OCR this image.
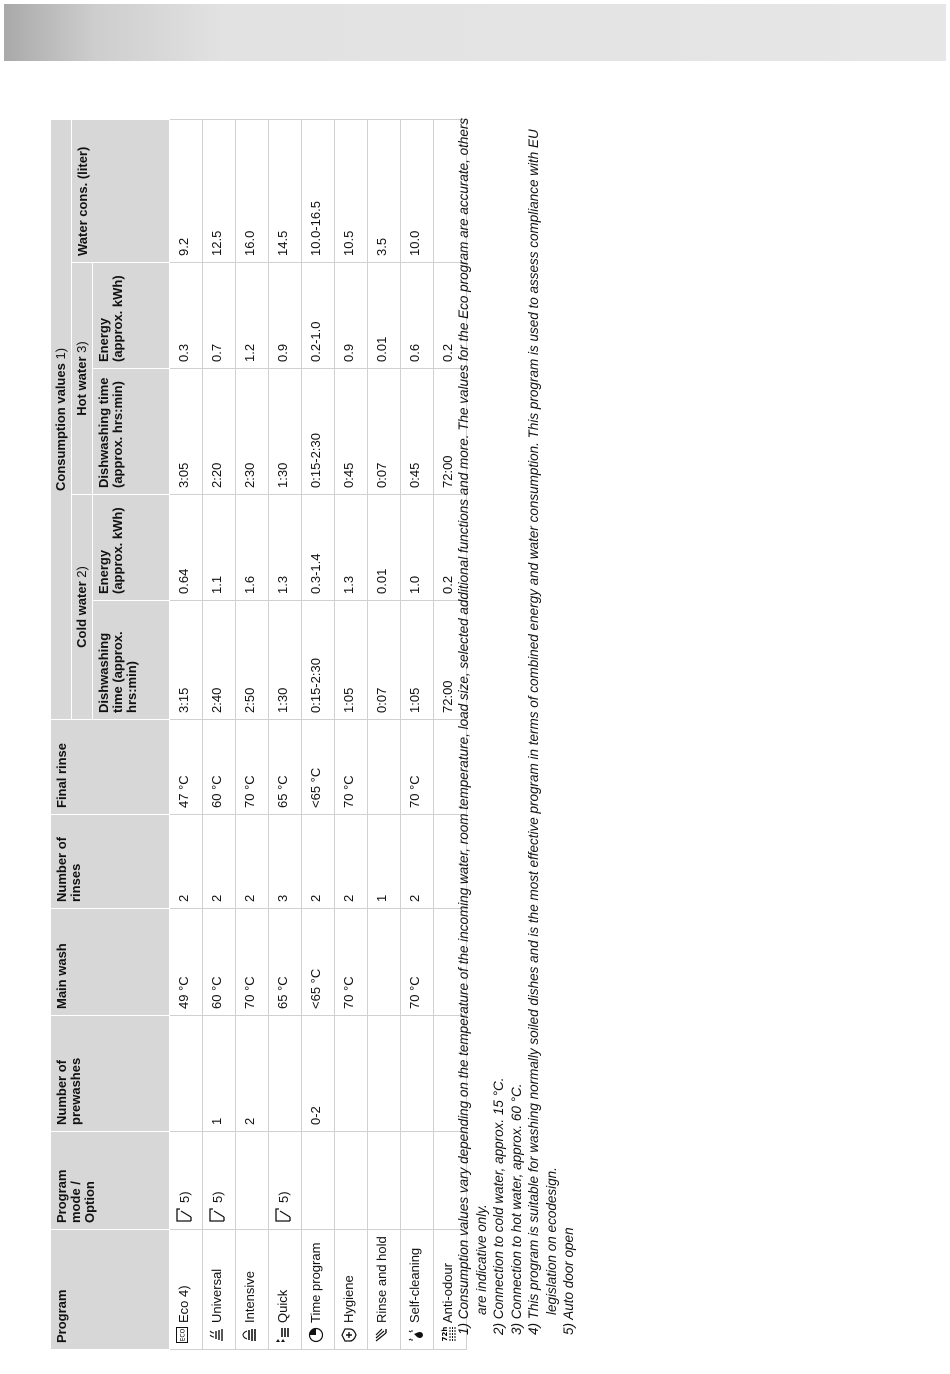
Program	Program mode / Option	Number of prewashes	Main wash	Number of rinses	Final rinse	Consumption values 1)				
						Cold water 2)		Hot water 3)		Water cons. (liter)
						Dishwashing time (approx. hrs:min)	Energy (approx. kWh)	Dishwashing time (approx. hrs:min)	Energy (approx. kWh)	

ECO
Eco 4)	5)		49 °C	2	47 °C	3:15	0.64	3:05	0.3	9.2

Universal	5)	1	60 °C	2	60 °C	2:40	1.1	2:20	0.7	12.5

Intensive		2	70 °C	2	70 °C	2:50	1.6	2:30	1.2	16.0

Quick	5)		65 °C	3	65 °C	1:30	1.3	1:30	0.9	14.5

Time program		0-2	<65 °C	2	<65 °C	0:15-2:30	0.3-1.4	0:15-2:30	0.2-1.0	10.0-16.5

Hygiene			70 °C	2	70 °C	1:05	1.3	0:45	0.9	10.5

Rinse and hold				1		0:07	0.01	0:07	0.01	3.5

Self-cleaning			70 °C	2	70 °C	1:05	1.0	0:45	0.6	10.0

72h
Anti-odour						72:00	0.2	72:00	0.2	1) Consumption values vary depending on the temperature of the incoming water, room temperature, load size, selected additional functions and more. The values for the Eco program are accurate, others are indicative only. 2) Connection to cold water, approx. 15 °C. 3) Connection to hot water, approx. 60 °C. 4) This program is suitable for washing normally soiled dishes and is the most effective program in terms of combined energy and water consumption. This program is used to assess compliance with EU legislation on ecodesign. 5) Auto door open
